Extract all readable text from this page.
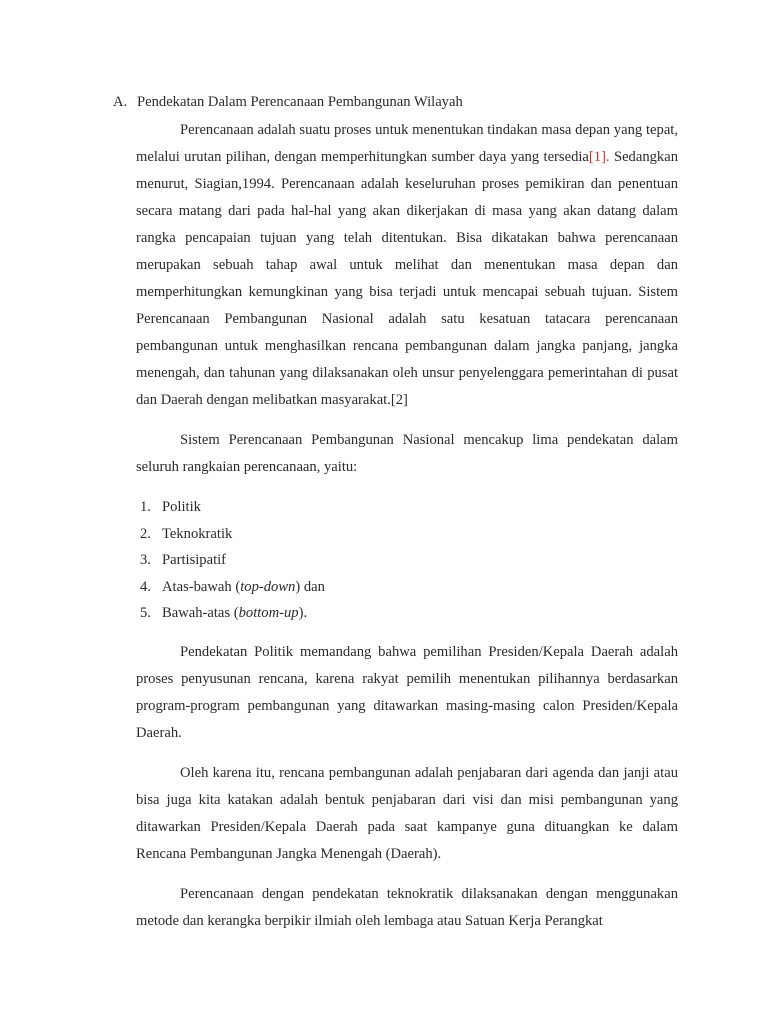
A. Pendekatan Dalam Perencanaan Pembangunan Wilayah

Perencanaan adalah suatu proses untuk menentukan tindakan masa depan yang tepat, melalui urutan pilihan, dengan memperhitungkan sumber daya yang tersedia[1]. Sedangkan menurut, Siagian,1994. Perencanaan adalah keseluruhan proses pemikiran dan penentuan secara matang dari pada hal-hal yang akan dikerjakan di masa yang akan datang dalam rangka pencapaian tujuan yang telah ditentukan. Bisa dikatakan bahwa perencanaan merupakan sebuah tahap awal untuk melihat dan menentukan masa depan dan memperhitungkan kemungkinan yang bisa terjadi untuk mencapai sebuah tujuan. Sistem Perencanaan Pembangunan Nasional adalah satu kesatuan tatacara perencanaan pembangunan untuk menghasilkan rencana pembangunan dalam jangka panjang, jangka menengah, dan tahunan yang dilaksanakan oleh unsur penyelenggara pemerintahan di pusat dan Daerah dengan melibatkan masyarakat.[2]

Sistem Perencanaan Pembangunan Nasional mencakup lima pendekatan dalam seluruh rangkaian perencanaan, yaitu:

1. Politik
2. Teknokratik
3. Partisipatif
4. Atas-bawah (top-down) dan
5. Bawah-atas (bottom-up).

Pendekatan Politik memandang bahwa pemilihan Presiden/Kepala Daerah adalah proses penyusunan rencana, karena rakyat pemilih menentukan pilihannya berdasarkan program-program pembangunan yang ditawarkan masing-masing calon Presiden/Kepala Daerah.

Oleh karena itu, rencana pembangunan adalah penjabaran dari agenda dan janji atau bisa juga kita katakan adalah bentuk penjabaran dari visi dan misi pembangunan yang ditawarkan Presiden/Kepala Daerah pada saat kampanye guna dituangkan ke dalam Rencana Pembangunan Jangka Menengah (Daerah).

Perencanaan dengan pendekatan teknokratik dilaksanakan dengan menggunakan metode dan kerangka berpikir ilmiah oleh lembaga atau Satuan Kerja Perangkat
